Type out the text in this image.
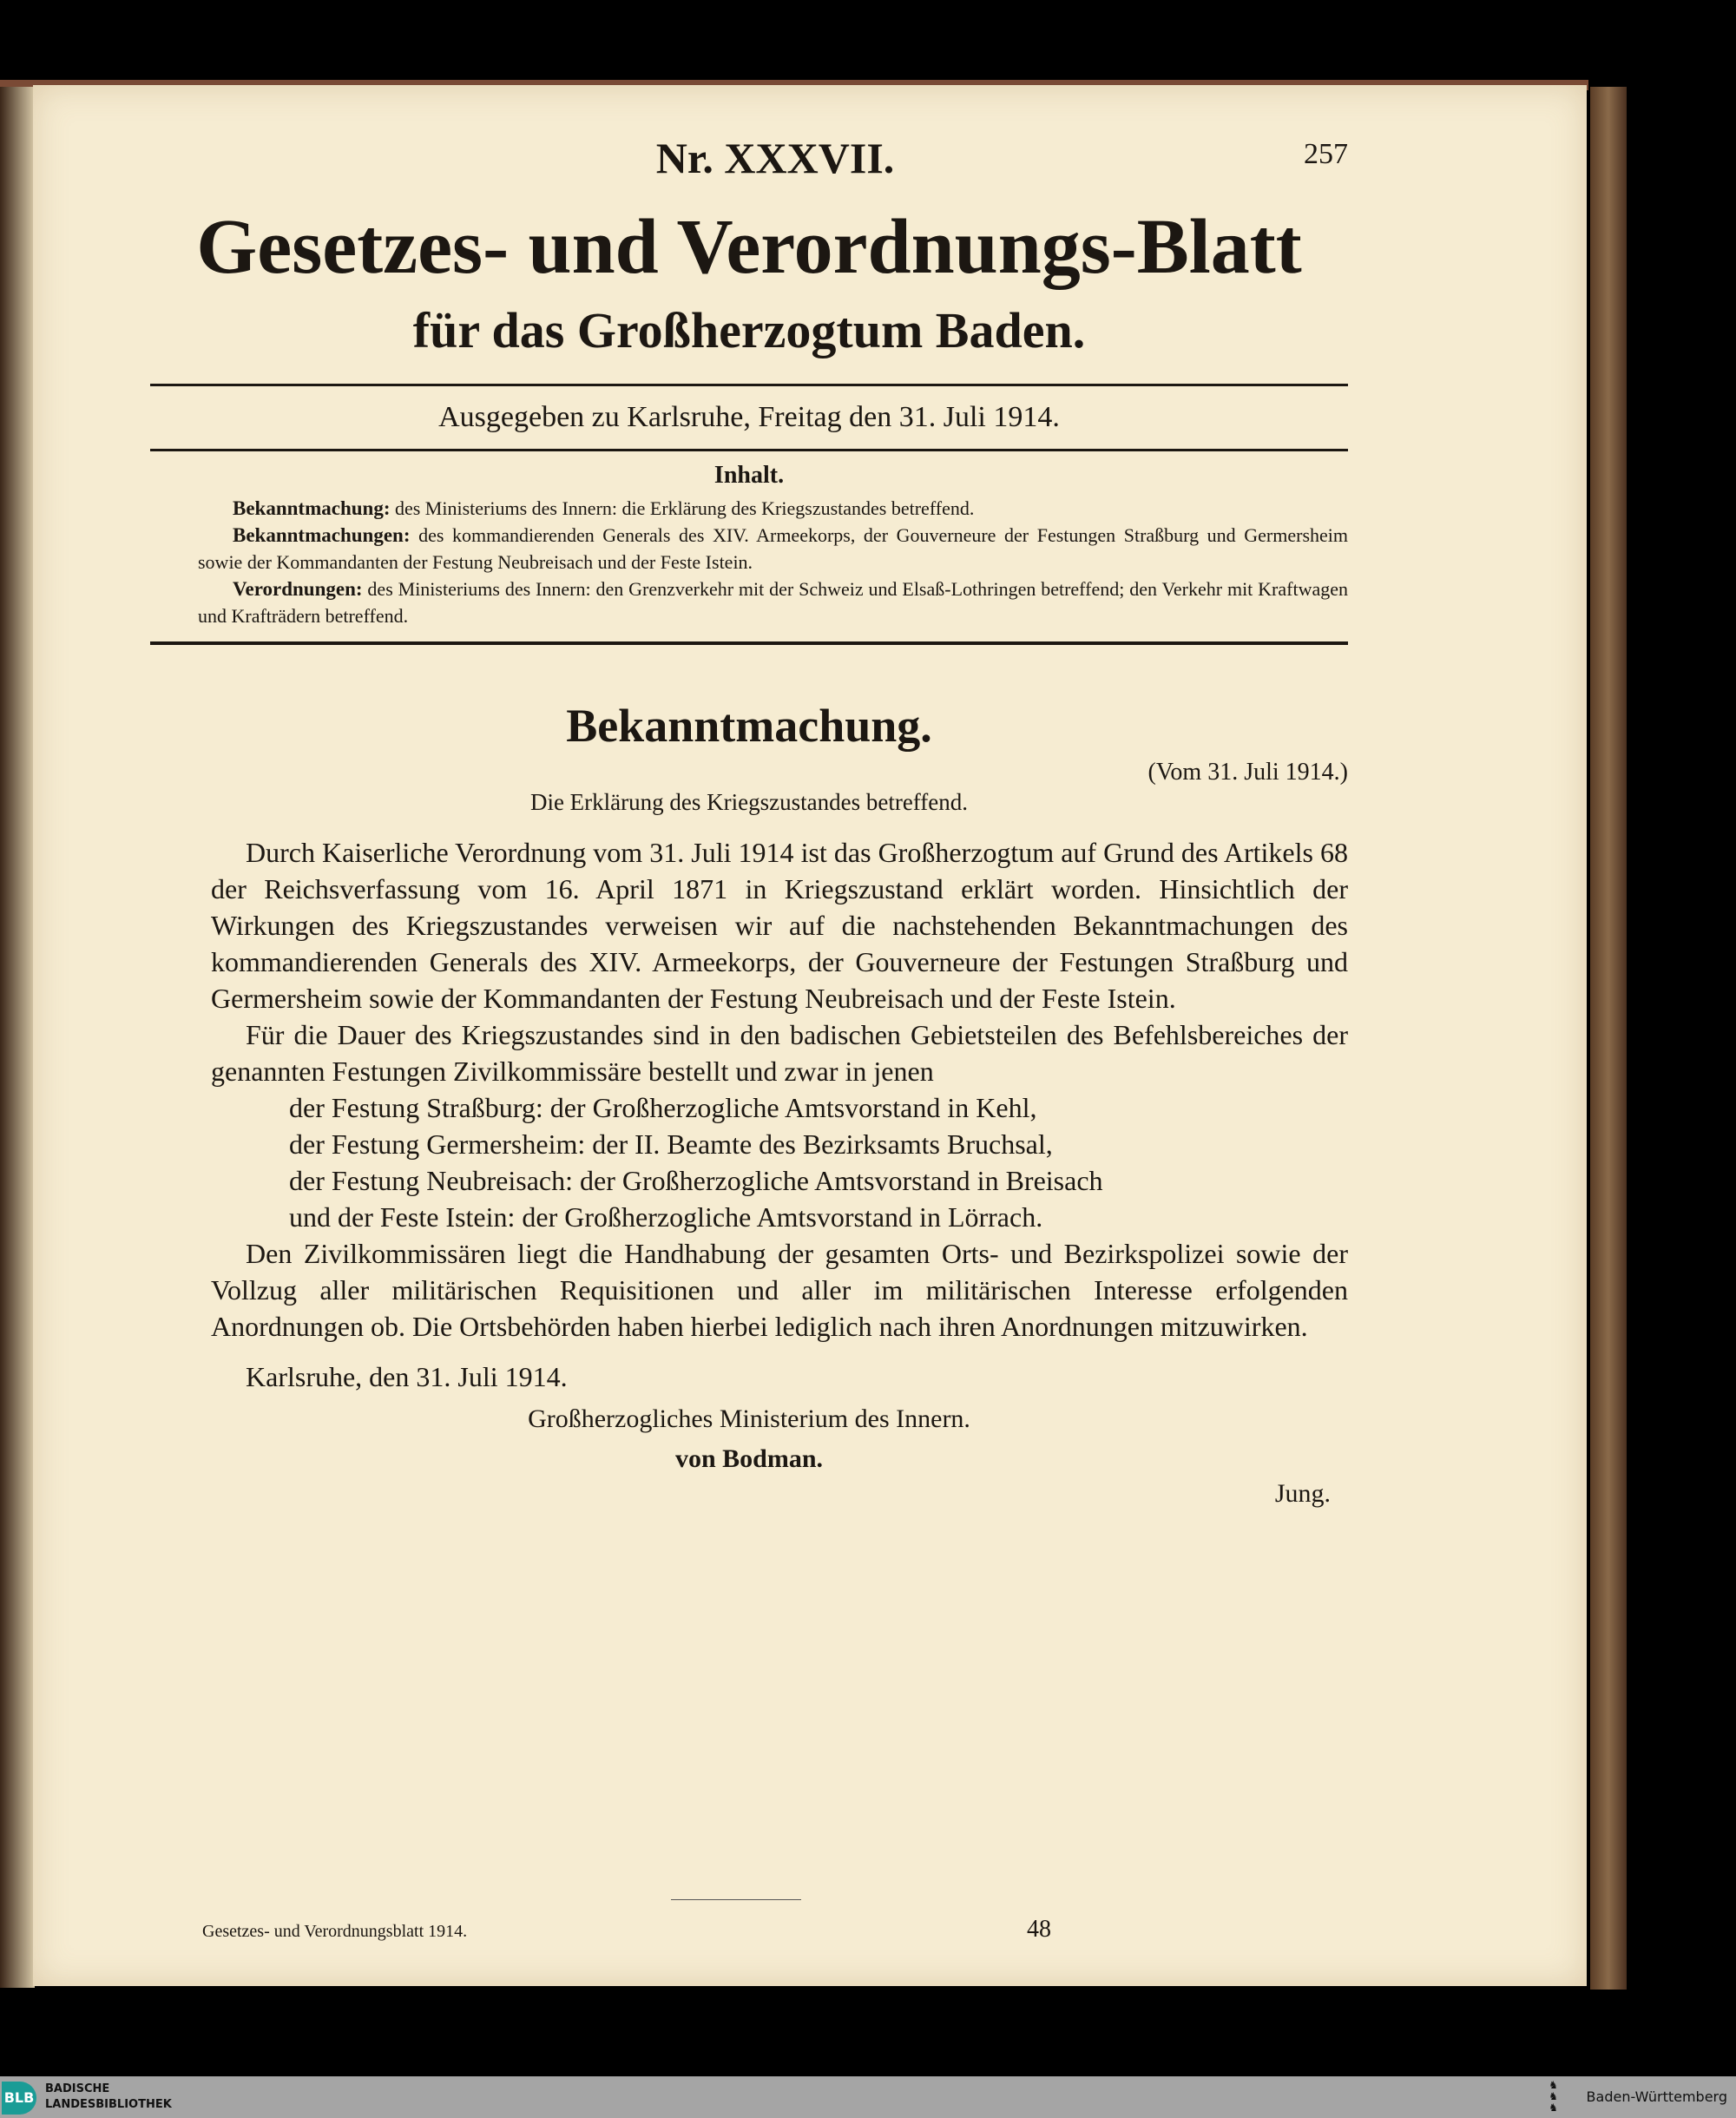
Nr. XXXVII.	257
Gesetzes- und Verordnungs-Blatt
für das Großherzogtum Baden.
Ausgegeben zu Karlsruhe, Freitag den 31. Juli 1914.
Inhalt.

Bekanntmachung: des Ministeriums des Innern: die Erklärung des Kriegszustandes betreffend.

Bekanntmachungen: des kommandierenden Generals des XIV. Armeekorps, der Gouverneure der Festungen Straßburg und Germersheim sowie der Kommandanten der Festung Neubreisach und der Feste Istein.

Verordnungen: des Ministeriums des Innern: den Grenzverkehr mit der Schweiz und Elsaß-Lothringen betreffend; den Verkehr mit Kraftwagen und Krafträdern betreffend.

Bekanntmachung.
(Vom 31. Juli 1914.)
Die Erklärung des Kriegszustandes betreffend.

Durch Kaiserliche Verordnung vom 31. Juli 1914 ist das Großherzogtum auf Grund des Artikels 68 der Reichsverfassung vom 16. April 1871 in Kriegszustand erklärt worden. Hinsichtlich der Wirkungen des Kriegszustandes verweisen wir auf die nachstehenden Bekanntmachungen des kommandierenden Generals des XIV. Armeekorps, der Gouverneure der Festungen Straßburg und Germersheim sowie der Kommandanten der Festung Neubreisach und der Feste Istein.

Für die Dauer des Kriegszustandes sind in den badischen Gebietsteilen des Befehlsbereiches der genannten Festungen Zivilkommissäre bestellt und zwar in jenen

der Festung Straßburg: der Großherzogliche Amtsvorstand in Kehl,

der Festung Germersheim: der II. Beamte des Bezirksamts Bruchsal,

der Festung Neubreisach: der Großherzogliche Amtsvorstand in Breisach

und der Feste Istein: der Großherzogliche Amtsvorstand in Lörrach.

Den Zivilkommissären liegt die Handhabung der gesamten Orts- und Bezirkspolizei sowie der Vollzug aller militärischen Requisitionen und aller im militärischen Interesse erfolgenden Anordnungen ob. Die Ortsbehörden haben hierbei lediglich nach ihren Anordnungen mitzuwirken.

Karlsruhe, den 31. Juli 1914.
Großherzogliches Ministerium des Innern.
von Bodman.
Jung.
Gesetzes- und Verordnungsblatt 1914.	48
BLB
BADISCHE
LANDESBIBLIOTHEK
♞
♞
♞
Baden-Württemberg
